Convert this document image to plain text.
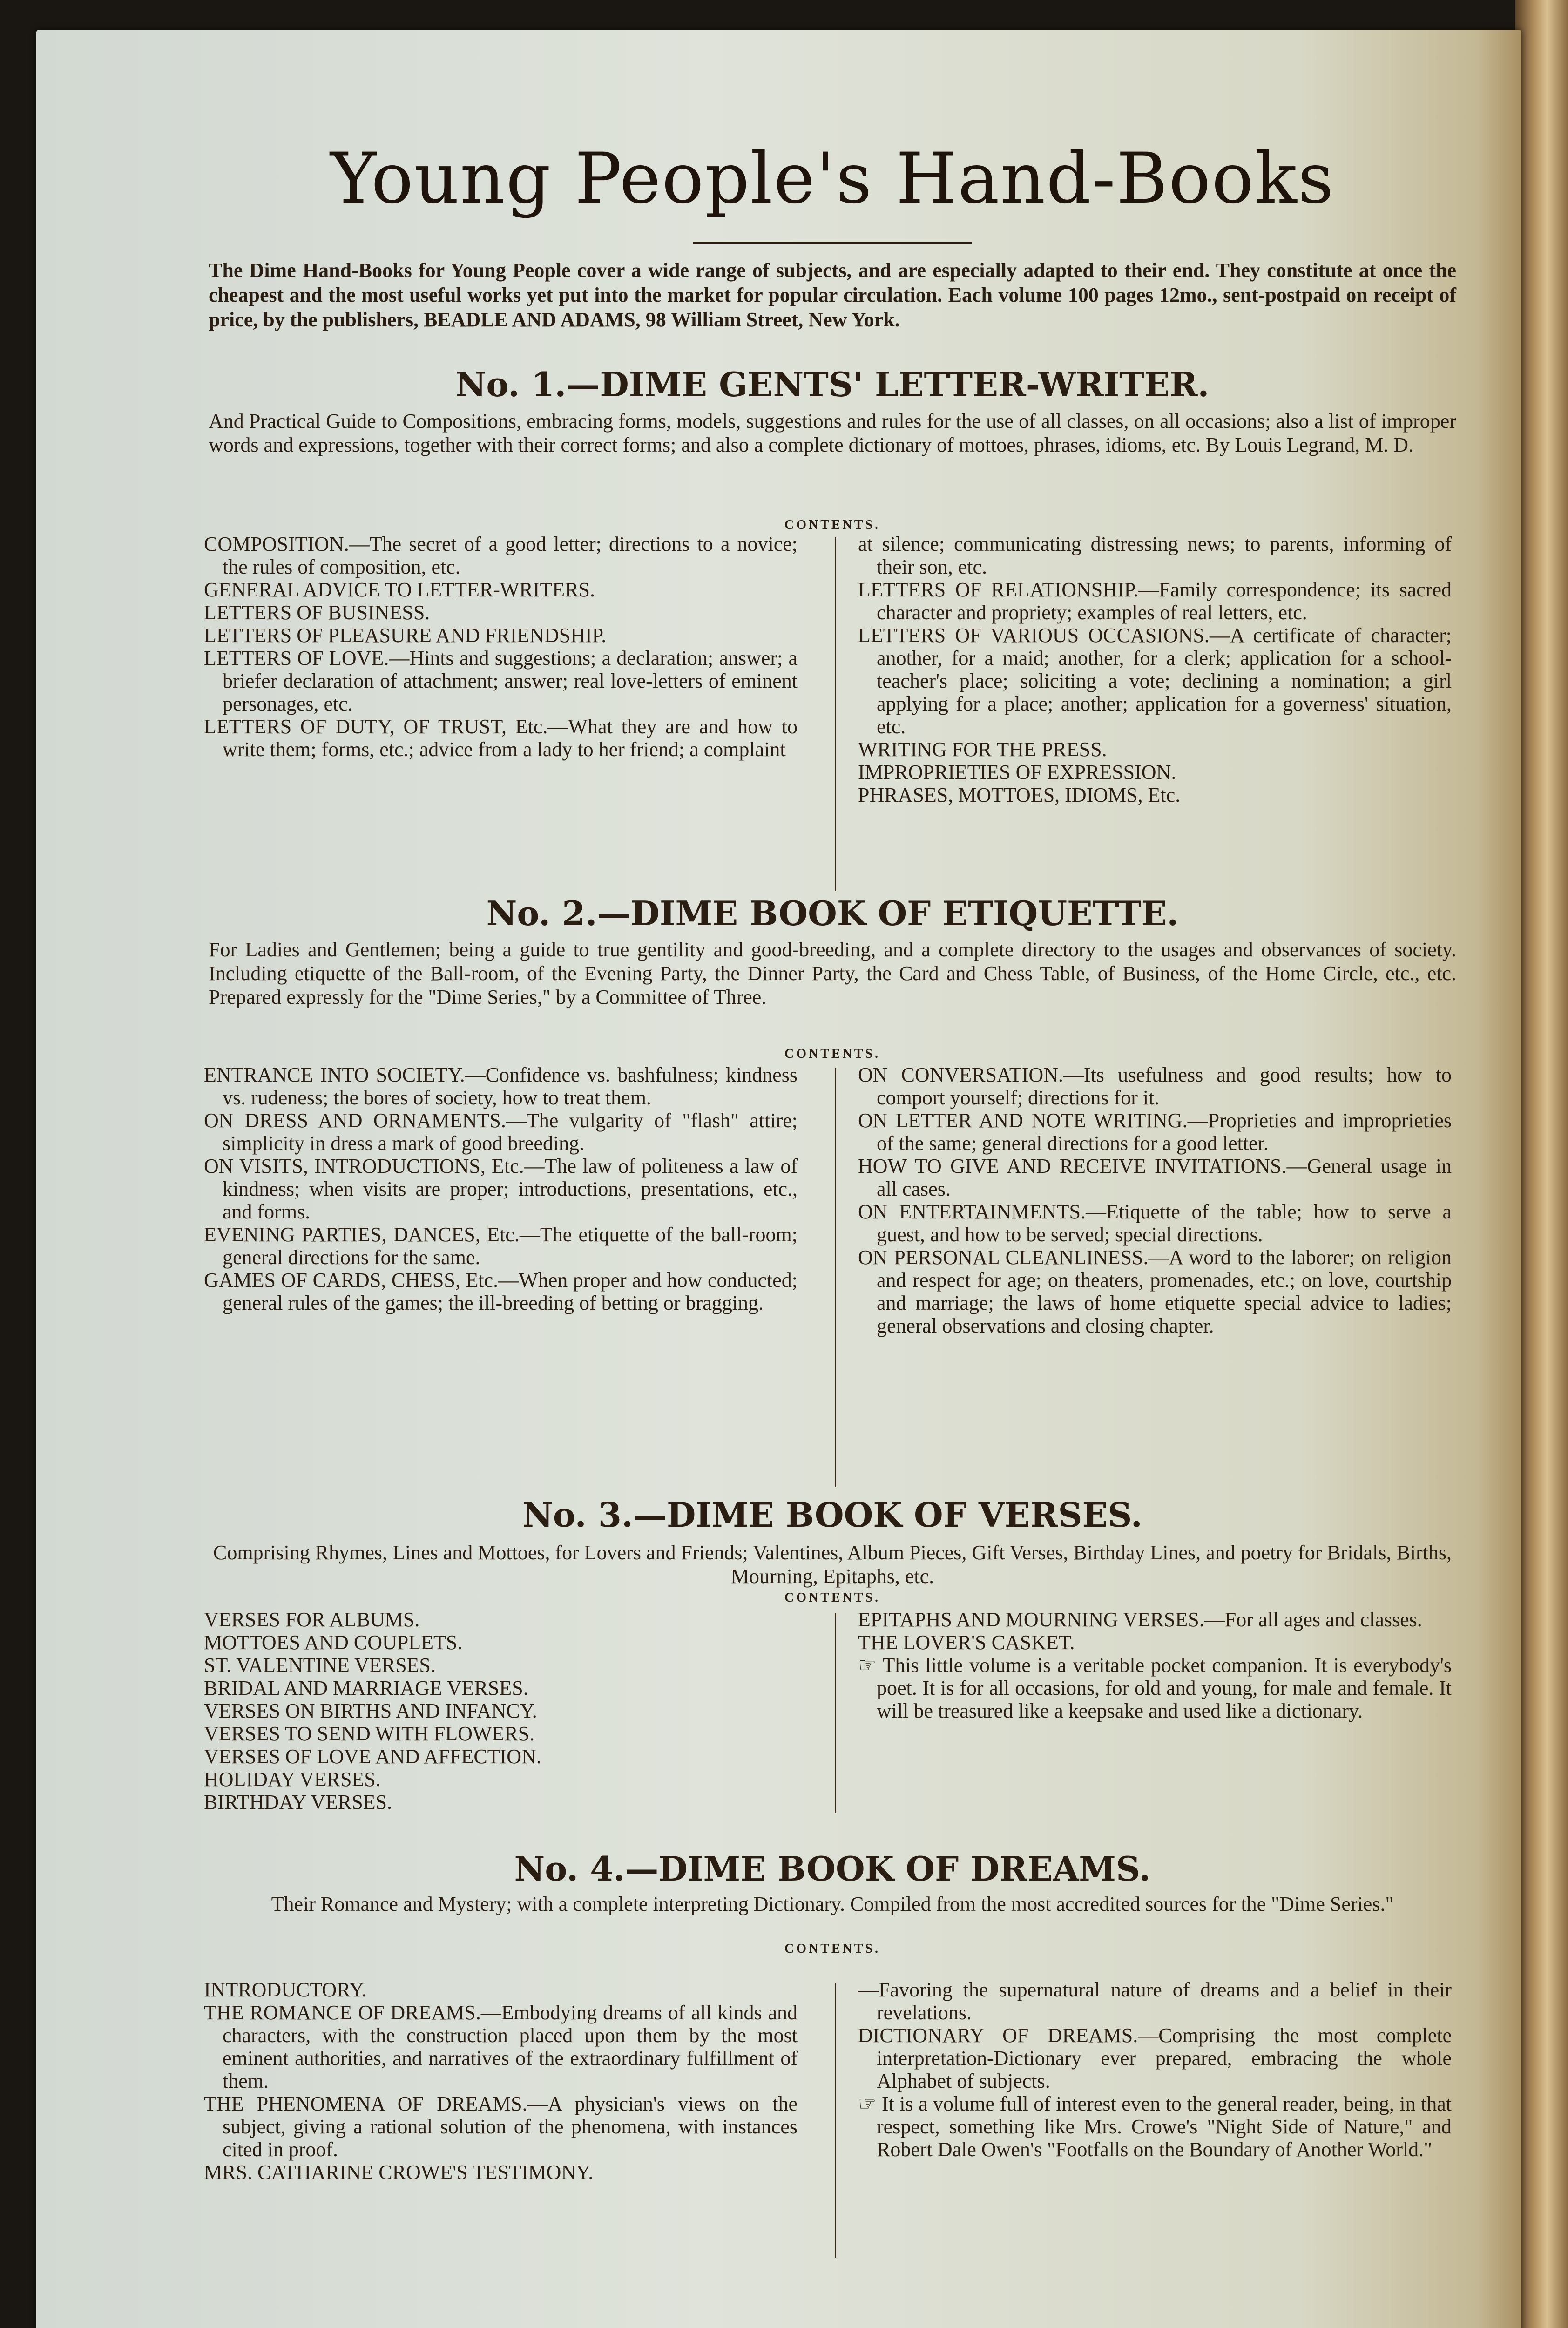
Young People's Hand-Books
The Dime Hand-Books for Young People cover a wide range of subjects, and are especially adapted to their end. They constitute at once the cheapest and the most useful works yet put into the market for popular circulation. Each volume 100 pages 12mo., sent-postpaid on receipt of price, by the publishers, BEADLE AND ADAMS, 98 William Street, New York.
No. 1.—DIME GENTS' LETTER-WRITER.
And Practical Guide to Compositions, embracing forms, models, suggestions and rules for the use of all classes, on all occasions; also a list of improper words and expressions, together with their correct forms; and also a complete dictionary of mottoes, phrases, idioms, etc. By Louis Legrand, M. D.
CONTENTS.

COMPOSITION.—The secret of a good letter; directions to a novice; the rules of composition, etc.

GENERAL ADVICE TO LETTER-WRITERS.

LETTERS OF BUSINESS.

LETTERS OF PLEASURE AND FRIENDSHIP.

LETTERS OF LOVE.—Hints and suggestions; a declaration; answer; a briefer declaration of attachment; answer; real love-letters of eminent personages, etc.

LETTERS OF DUTY, OF TRUST, Etc.—What they are and how to write them; forms, etc.; advice from a lady to her friend; a complaint

at silence; communicating distressing news; to parents, informing of their son, etc.

LETTERS OF RELATIONSHIP.—Family correspondence; its sacred character and propriety; examples of real letters, etc.

LETTERS OF VARIOUS OCCASIONS.—A certificate of character; another, for a maid; another, for a clerk; application for a school-teacher's place; soliciting a vote; declining a nomination; a girl applying for a place; another; application for a governess' situation, etc.

WRITING FOR THE PRESS.

IMPROPRIETIES OF EXPRESSION.

PHRASES, MOTTOES, IDIOMS, Etc.

No. 2.—DIME BOOK OF ETIQUETTE.
For Ladies and Gentlemen; being a guide to true gentility and good-breeding, and a complete directory to the usages and observances of society. Including etiquette of the Ball-room, of the Evening Party, the Dinner Party, the Card and Chess Table, of Business, of the Home Circle, etc., etc. Prepared expressly for the "Dime Series," by a Committee of Three.
CONTENTS.

ENTRANCE INTO SOCIETY.—Confidence vs. bashfulness; kindness vs. rudeness; the bores of society, how to treat them.

ON DRESS AND ORNAMENTS.—The vulgarity of "flash" attire; simplicity in dress a mark of good breeding.

ON VISITS, INTRODUCTIONS, Etc.—The law of politeness a law of kindness; when visits are proper; introductions, presentations, etc., and forms.

EVENING PARTIES, DANCES, Etc.—The etiquette of the ball-room; general directions for the same.

GAMES OF CARDS, CHESS, Etc.—When proper and how conducted; general rules of the games; the ill-breeding of betting or bragging.

ON CONVERSATION.—Its usefulness and good results; how to comport yourself; directions for it.

ON LETTER AND NOTE WRITING.—Proprieties and improprieties of the same; general directions for a good letter.

HOW TO GIVE AND RECEIVE INVITATIONS.—General usage in all cases.

ON ENTERTAINMENTS.—Etiquette of the table; how to serve a guest, and how to be served; special directions.

ON PERSONAL CLEANLINESS.—A word to the laborer; on religion and respect for age; on theaters, promenades, etc.; on love, courtship and marriage; the laws of home etiquette special advice to ladies; general observations and closing chapter.

No. 3.—DIME BOOK OF VERSES.
Comprising Rhymes, Lines and Mottoes, for Lovers and Friends; Valentines, Album Pieces, Gift Verses, Birthday Lines, and poetry for Bridals, Births, Mourning, Epitaphs, etc.
CONTENTS.

VERSES FOR ALBUMS.

MOTTOES AND COUPLETS.

ST. VALENTINE VERSES.

BRIDAL AND MARRIAGE VERSES.

VERSES ON BIRTHS AND INFANCY.

VERSES TO SEND WITH FLOWERS.

VERSES OF LOVE AND AFFECTION.

HOLIDAY VERSES.

BIRTHDAY VERSES.

EPITAPHS AND MOURNING VERSES.—For all ages and classes.

THE LOVER'S CASKET.

☞ This little volume is a veritable pocket companion. It is everybody's poet. It is for all occasions, for old and young, for male and female. It will be treasured like a keepsake and used like a dictionary.

No. 4.—DIME BOOK OF DREAMS.
Their Romance and Mystery; with a complete interpreting Dictionary. Compiled from the most accredited sources for the "Dime Series."
CONTENTS.

INTRODUCTORY.

THE ROMANCE OF DREAMS.—Embodying dreams of all kinds and characters, with the construction placed upon them by the most eminent authorities, and narratives of the extraordinary fulfillment of them.

THE PHENOMENA OF DREAMS.—A physician's views on the subject, giving a rational solution of the phenomena, with instances cited in proof.

MRS. CATHARINE CROWE'S TESTIMONY.

—Favoring the supernatural nature of dreams and a belief in their revelations.

DICTIONARY OF DREAMS.—Comprising the most complete interpretation-Dictionary ever prepared, embracing the whole Alphabet of subjects.

☞ It is a volume full of interest even to the general reader, being, in that respect, something like Mrs. Crowe's "Night Side of Nature," and Robert Dale Owen's "Footfalls on the Boundary of Another World."
